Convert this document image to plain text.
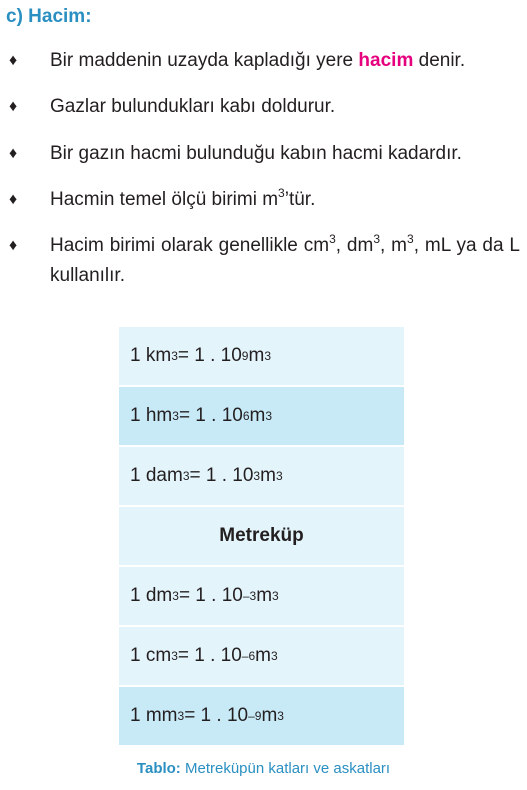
c) Hacim:
♦ Bir maddenin uzayda kapladığı yere hacim denir.
♦ Gazlar bulundukları kabı doldurur.
♦ Bir gazın hacmi bulunduğu kabın hacmi kadardır.
♦ Hacmin temel ölçü birimi $m^3’tür$.
♦ Hacim birimi olarak genellikle $cm^3$, $dm^3$, $m^3$, mL ya da L kullanılır.
1 km 3 = 1 . 10 9 m 3
1 hm 3 = 1 . 10 6 m 3
1 dam 3 = 1 . 10 3 m 3
Metreküp
1 dm 3 = 1 . 10 –3 m 3
1 cm 3 = 1 . 10 –6 m 3
1 mm 3 = 1 . 10 –9 m 3
Tablo: Metreküpün katları ve askatları
